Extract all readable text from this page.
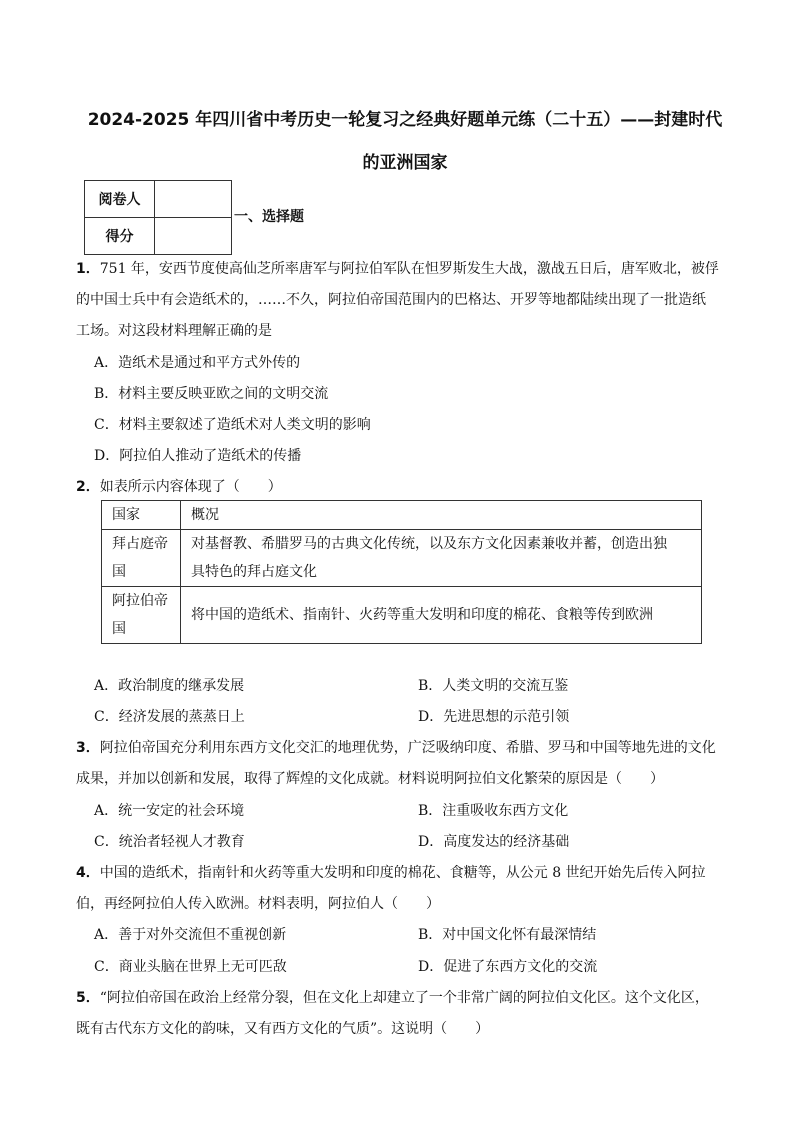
2024-2025 年四川省中考历史一轮复习之经典好题单元练（二十五）——封建时代
的亚洲国家
阅卷人	
得分	
一、选择题
1．751 年，安西节度使高仙芝所率唐军与阿拉伯军队在怛罗斯发生大战，激战五日后，唐军败北，被俘
的中国士兵中有会造纸术的，……不久，阿拉伯帝国范围内的巴格达、开罗等地都陆续出现了一批造纸
工场。对这段材料理解正确的是
A．造纸术是通过和平方式外传的
B．材料主要反映亚欧之间的文明交流
C．材料主要叙述了造纸术对人类文明的影响
D．阿拉伯人推动了造纸术的传播
2．如表所示内容体现了（　　）
国家	概况
拜占庭帝
国	对基督教、希腊罗马的古典文化传统，以及东方文化因素兼收并蓄，创造出独
具特色的拜占庭文化
阿拉伯帝
国	将中国的造纸术、指南针、火药等重大发明和印度的棉花、食粮等传到欧洲
A．政治制度的继承发展	B．人类文明的交流互鉴
C．经济发展的蒸蒸日上	D．先进思想的示范引领
3．阿拉伯帝国充分利用东西方文化交汇的地理优势，广泛吸纳印度、希腊、罗马和中国等地先进的文化
成果，并加以创新和发展，取得了辉煌的文化成就。材料说明阿拉伯文化繁荣的原因是（　　）
A．统一安定的社会环境	B．注重吸收东西方文化
C．统治者轻视人才教育	D．高度发达的经济基础
4．中国的造纸术，指南针和火药等重大发明和印度的棉花、食糖等，从公元 8 世纪开始先后传入阿拉
伯，再经阿拉伯人传入欧洲。材料表明，阿拉伯人（　　）
A．善于对外交流但不重视创新	B．对中国文化怀有最深情结
C．商业头脑在世界上无可匹敌	D．促进了东西方文化的交流
5．“阿拉伯帝国在政治上经常分裂，但在文化上却建立了一个非常广阔的阿拉伯文化区。这个文化区，
既有古代东方文化的韵味，又有西方文化的气质”。这说明（　　）
